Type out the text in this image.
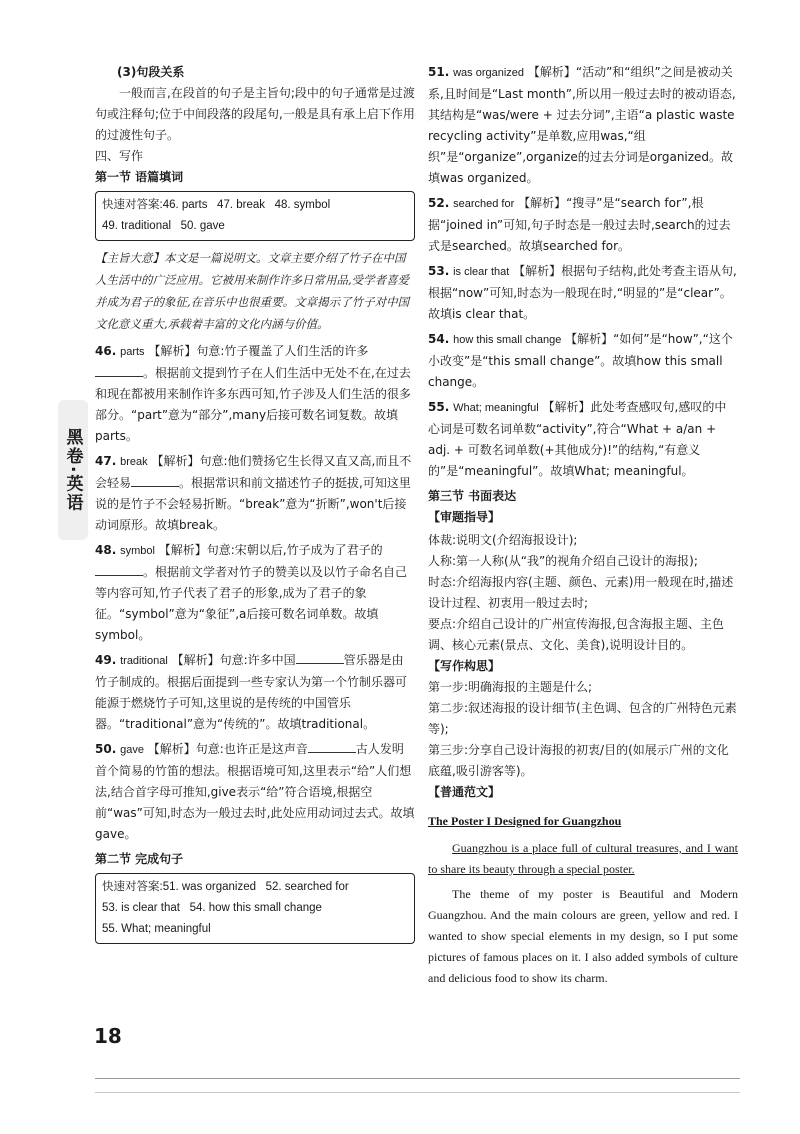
黑卷·英语

(3)句段关系

一般而言,在段首的句子是主旨句;段中的句子通常是过渡句或注释句;位于中间段落的段尾句,一般是具有承上启下作用的过渡性句子。

四、写作

第一节 语篇填词

快速对答案:46. parts 47. break 48. symbol
49. traditional 50. gave

【主旨大意】本文是一篇说明文。文章主要介绍了竹子在中国人生活中的广泛应用。它被用来制作许多日常用品,受学者喜爱并成为君子的象征,在音乐中也很重要。文章揭示了竹子对中国文化意义重大,承载着丰富的文化内涵与价值。

46. parts 【解析】句意:竹子覆盖了人们生活的许多。根据前文提到竹子在人们生活中无处不在,在过去和现在都被用来制作许多东西可知,竹子涉及人们生活的很多部分。“part”意为“部分”,many后接可数名词复数。故填parts。

47. break 【解析】句意:他们赞扬它生长得又直又高,而且不会轻易	。根据常识和前文描述竹子的挺拔,可知这里说的是竹子不会轻易折断。“break”意为“折断”,won't后接动词原形。故填break。

48. symbol 【解析】句意:宋朝以后,竹子成为了君子的。根据前文学者对竹子的赞美以及以竹子命名自己等内容可知,竹子代表了君子的形象,成为了君子的象征。“symbol”意为“象征”,a后接可数名词单数。故填symbol。

49. traditional 【解析】句意:许多中国	管乐器是由竹子制成的。根据后面提到一些专家认为第一个竹制乐器可能源于燃烧竹子可知,这里说的是传统的中国管乐器。“traditional”意为“传统的”。故填traditional。

50. gave 【解析】句意:也许正是这声音	古人发明首个简易的竹笛的想法。根据语境可知,这里表示“给”人们想法,结合首字母可推知,give表示“给”符合语境,根据空前“was”可知,时态为一般过去时,此处应用动词过去式。故填gave。

第二节 完成句子

快速对答案:51. was organized 52. searched for
53. is clear that 54. how this small change
55. What; meaningful

51. was organized 【解析】“活动”和“组织”之间是被动关系,且时间是“Last month”,所以用一般过去时的被动语态,其结构是“was/were + 过去分词”,主语“a plastic waste recycling activity”是单数,应用was,“组织”是“organize”,organize的过去分词是organized。故填was organized。

52. searched for 【解析】“搜寻”是“search for”,根据“joined in”可知,句子时态是一般过去时,search的过去式是searched。故填searched for。

53. is clear that 【解析】根据句子结构,此处考查主语从句,根据“now”可知,时态为一般现在时,“明显的”是“clear”。故填is clear that。

54. how this small change 【解析】“如何”是“how”,“这个小改变”是“this small change”。故填how this small change。

55. What; meaningful 【解析】此处考查感叹句,感叹的中心词是可数名词单数“activity”,符合“What + a/an + adj. + 可数名词单数(+其他成分)!”的结构,“有意义的”是“meaningful”。故填What; meaningful。

第三节 书面表达

【审题指导】

体裁:说明文(介绍海报设计);

人称:第一人称(从“我”的视角介绍自己设计的海报);

时态:介绍海报内容(主题、颜色、元素)用一般现在时,描述设计过程、初衷用一般过去时;

要点:介绍自己设计的广州宣传海报,包含海报主题、主色调、核心元素(景点、文化、美食),说明设计目的。

【写作构思】

第一步:明确海报的主题是什么;

第二步:叙述海报的设计细节(主色调、包含的广州特色元素等);

第三步:分享自己设计海报的初衷/目的(如展示广州的文化底蕴,吸引游客等)。

【普通范文】

The Poster I Designed for Guangzhou

Guangzhou is a place full of cultural treasures, and I want to share its beauty through a special poster.

The theme of my poster is Beautiful and Modern Guangzhou. And the main colours are green, yellow and red. I wanted to show special elements in my design, so I put some pictures of famous places on it. I also added symbols of culture and delicious food to show its charm.

18
